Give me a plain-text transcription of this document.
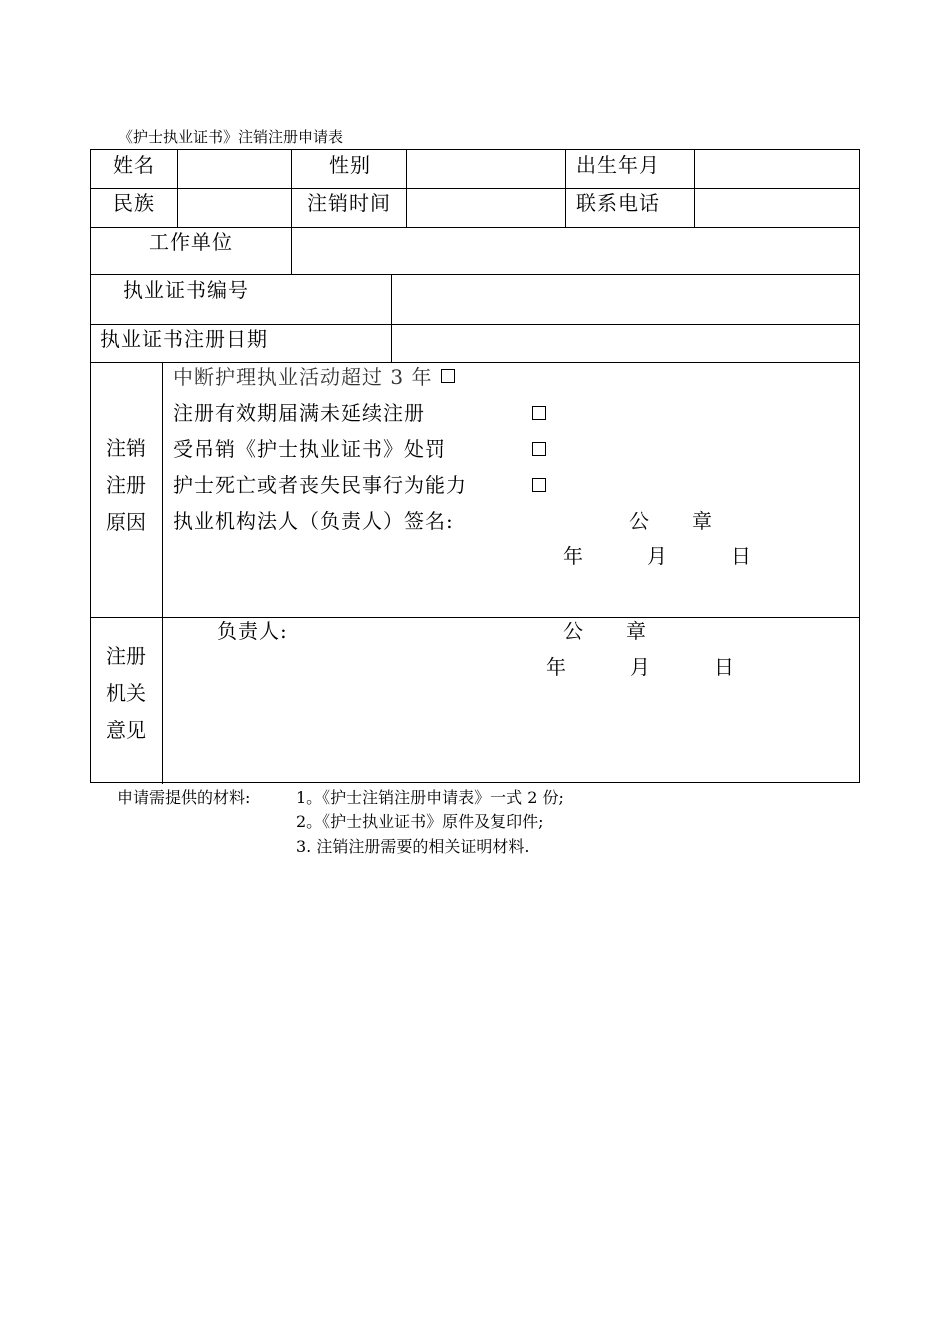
《护士执业证书》注销注册申请表
姓名	性别	出生年月
民族	注销时间	联系电话
工作单位
执业证书编号
执业证书注册日期
注销
注册
原因
中断护理执业活动超过 3 年
注册有效期届满未延续注册
受吊销《护士执业证书》处罚
护士死亡或者丧失民事行为能力
执业机构法人（负责人）签名:	公　　章
年　　　月　　　日
注册
机关
意见
负责人:	公　　章
年　　　月　　　日
申请需提供的材料:	1。《护士注销注册申请表》一式 2 份;
2。《护士执业证书》原件及复印件;
3. 注销注册需要的相关证明材料.
